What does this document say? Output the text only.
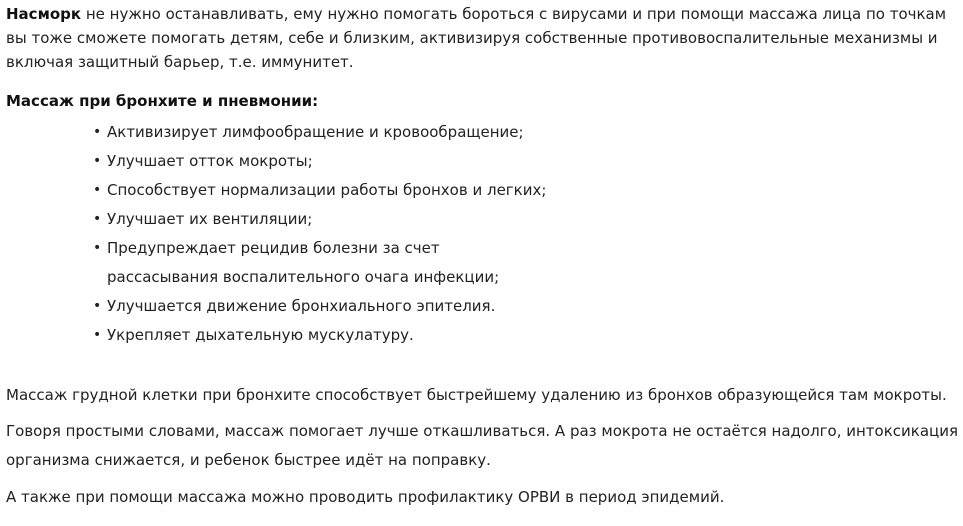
Насморк не нужно останавливать, ему нужно помогать бороться с вирусами и при помощи массажа лица по точкам вы тоже сможете помогать детям, себе и близким, активизируя собственные противовоспалительные механизмы и включая защитный барьер, т.е. иммунитет.

Массаж при бронхите и пневмонии:

• Активизирует лимфообращение и кровообращение;
• Улучшает отток мокроты;
• Способствует нормализации работы бронхов и легких;
• Улучшает их вентиляции;
• Предупреждает рецидив болезни за счет рассасывания воспалительного очага инфекции;
• Улучшается движение бронхиального эпителия.
• Укрепляет дыхательную мускулатуру.

Массаж грудной клетки при бронхите способствует быстрейшему удалению из бронхов образующейся там мокроты.

Говоря простыми словами, массаж помогает лучше откашливаться. А раз мокрота не остаётся надолго, интоксикация организма снижается, и ребенок быстрее идёт на поправку.

А также при помощи массажа можно проводить профилактику ОРВИ в период эпидемий.
